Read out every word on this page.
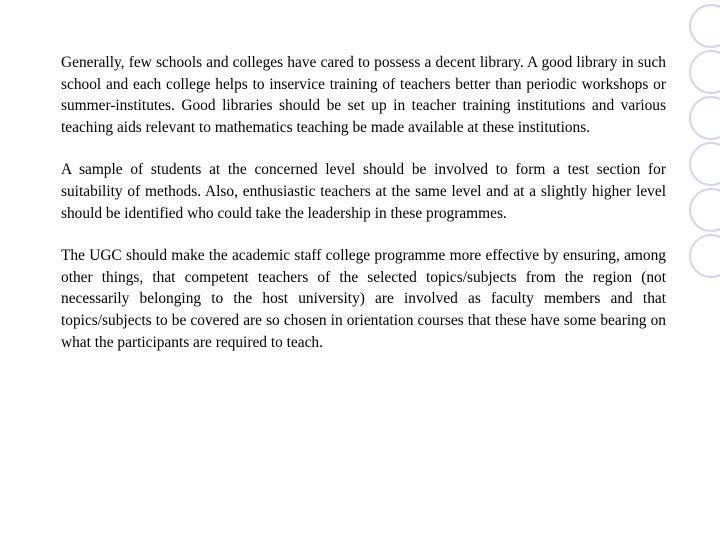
Generally, few schools and colleges have cared to possess a decent library. A good library in such school and each college helps to inservice training of teachers better than periodic workshops or summer-institutes. Good libraries should be set up in teacher training institutions and various teaching aids relevant to mathematics teaching be made available at these institutions.

A sample of students at the concerned level should be involved to form a test section for suitability of methods. Also, enthusiastic teachers at the same level and at a slightly higher level should be identified who could take the leadership in these programmes.

The UGC should make the academic staff college programme more effective by ensuring, among other things, that competent teachers of the selected topics/subjects from the region (not necessarily belonging to the host university) are involved as faculty members and that topics/subjects to be covered are so chosen in orientation courses that these have some bearing on what the participants are required to teach.
